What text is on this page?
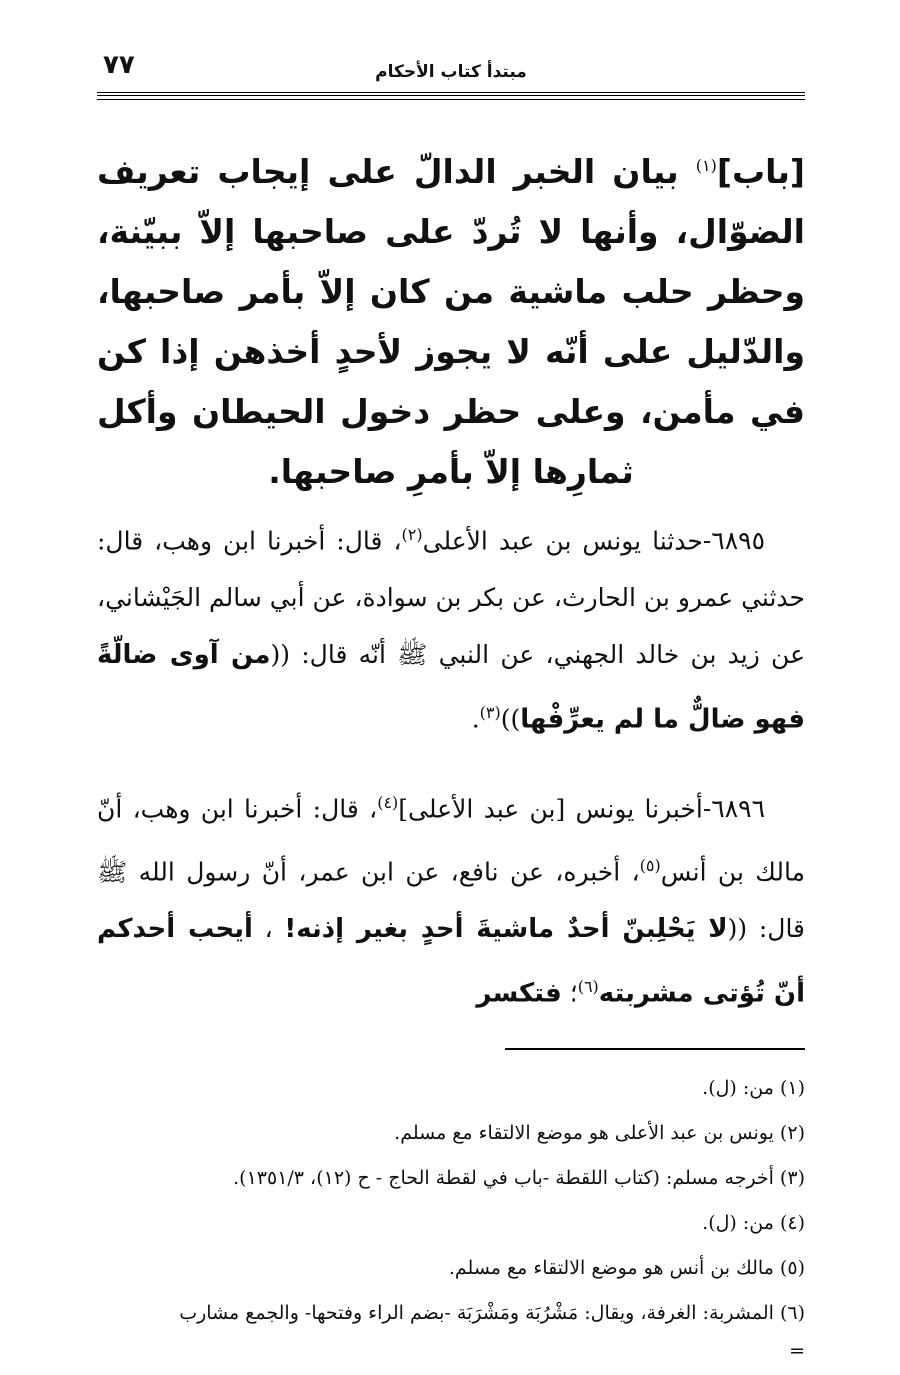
٧٧	مبتدأ كتاب الأحكام
[باب]$^{(١)}$ بيان الخبر الدالّ على إيجاب تعريف الضوّال، وأنها لا تُردّ على صاحبها إلاّ ببيّنة، وحظر حلب ماشية من كان إلاّ بأمر صاحبها، والدّليل على أنّه لا يجوز لأحدٍ أخذهن إذا كن في مأمن، وعلى حظر دخول الحيطان وأكل ثمارِها إلاّ بأمرِ صاحبها.

٦٨٩٥-حدثنا يونس بن عبد الأعلى$^{(٢)}$، قال: أخبرنا ابن وهب، قال: حدثني عمرو بن الحارث، عن بكر بن سوادة، عن أبي سالم الجَيْشاني، عن زيد بن خالد الجهني، عن النبي ﷺ أنّه قال: ((من آوى ضالّةً فهو ضالٌّ ما لم يعرِّفْها))$^{(٣)}$.

٦٨٩٦-أخبرنا يونس [بن عبد الأعلى]$^{(٤)}$، قال: أخبرنا ابن وهب، أنّ مالك بن أنس$^{(٥)}$، أخبره، عن نافع، عن ابن عمر، أنّ رسول الله ﷺ قال: ((لا يَحْلِبنّ أحدٌ ماشيةَ أحدٍ بغير إذنه! ، أيحب أحدكم أنّ تُؤتى مشربته$^{(٦)}$؛ فتكسر

(١) من: (ل).
(٢) يونس بن عبد الأعلى هو موضع الالتقاء مع مسلم.
(٣) أخرجه مسلم: (كتاب اللقطة -باب في لقطة الحاج - ح (١٢)، ١٣٥١/٣).
(٤) من: (ل).
(٥) مالك بن أنس هو موضع الالتقاء مع مسلم.
(٦) المشربة: الغرفة، ويقال: مَشْرُبَة ومَشْرَبَة -بضم الراء وفتحها- والجمع مشارب
=
